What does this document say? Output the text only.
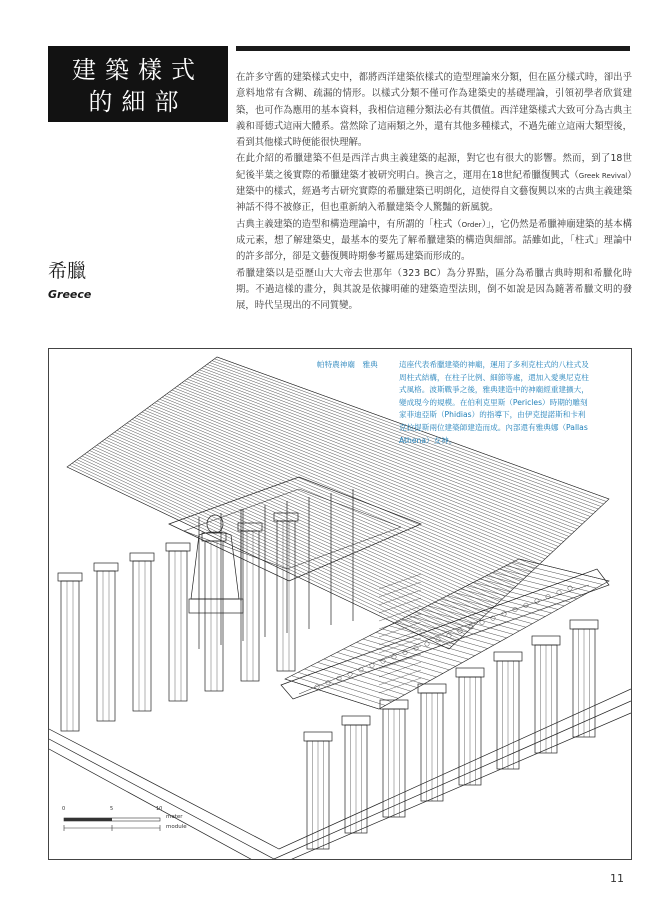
建築樣式
的細部

在許多守舊的建築樣式史中，都將西洋建築依樣式的造型理論來分類，但在區分樣式時，卻出乎意料地常有含糊、疏漏的情形。以樣式分類不僅可作為建築史的基礎理論，引領初學者欣賞建築，也可作為應用的基本資料，我相信這種分類法必有其價值。西洋建築樣式大致可分為古典主義和哥德式這兩大體系。當然除了這兩類之外，還有其他多種樣式，不過先確立這兩大類型後，看到其他樣式時便能很快理解。

在此介紹的希臘建築不但是西洋古典主義建築的起源，對它也有很大的影響。然而，到了18世紀後半葉之後實際的希臘建築才被研究明白。換言之，運用在18世紀希臘復興式（Greek Revival）建築中的樣式，經過考古研究實際的希臘建築已明朗化，這使得自文藝復興以來的古典主義建築神話不得不被修正，但也重新納入希臘建築令人驚豔的新風貌。

古典主義建築的造型和構造理論中，有所謂的「柱式（Order）」，它仍然是希臘神廟建築的基本構成元素，想了解建築史，最基本的要先了解希臘建築的構造與細部。話雖如此，「柱式」理論中的許多部分，卻是文藝復興時期參考羅馬建築而形成的。

希臘建築以是亞歷山大大帝去世那年（323 BC）為分界點，區分為希臘古典時期和希臘化時期。不過這樣的畫分，與其說是依據明確的建築造型法則，倒不如說是因為隨著希臘文明的發展，時代呈現出的不同質變。

希臘
Greece
帕特農神廟　雅典	這座代表希臘建築的神廟，運用了多利克柱式的八柱式及

周柱式結構，在柱子比例、細節等處，還加入愛奧尼克柱

式風格。波斯戰爭之後，雅典建造中的神廟經重建擴大，

變成現今的規模。在伯利克里斯（Pericles）時期的雕刻

家菲迪亞斯（Phidias）的指導下，由伊克提諾斯和卡利

克拉提斯兩位建築師建造而成。內部還有雅典娜（Pallas

Athena）女神。

0	5	10
meter
module
11
